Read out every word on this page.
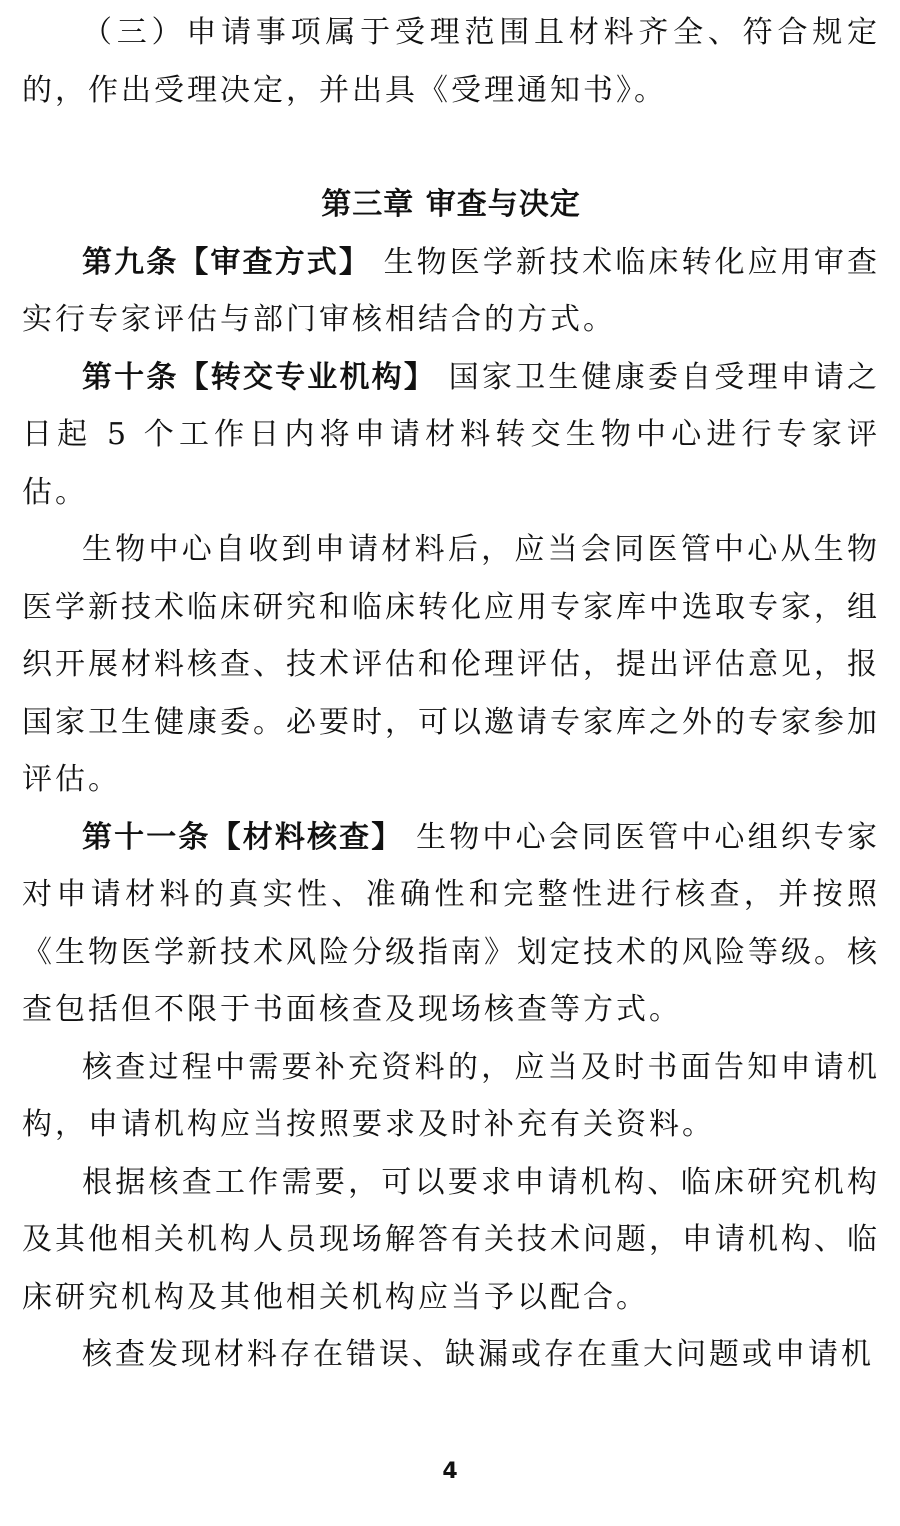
（三）申请事项属于受理范围且材料齐全、符合规定的，作出受理决定，并出具《受理通知书》。

第三章 审查与决定

第九条【审查方式】 生物医学新技术临床转化应用审查实行专家评估与部门审核相结合的方式。

第十条【转交专业机构】 国家卫生健康委自受理申请之日起 5 个工作日内将申请材料转交生物中心进行专家评估。

生物中心自收到申请材料后，应当会同医管中心从生物医学新技术临床研究和临床转化应用专家库中选取专家，组织开展材料核查、技术评估和伦理评估，提出评估意见，报国家卫生健康委。必要时，可以邀请专家库之外的专家参加评估。

第十一条【材料核查】 生物中心会同医管中心组织专家对申请材料的真实性、准确性和完整性进行核查，并按照《生物医学新技术风险分级指南》划定技术的风险等级。核查包括但不限于书面核查及现场核查等方式。

核查过程中需要补充资料的，应当及时书面告知申请机构，申请机构应当按照要求及时补充有关资料。

根据核查工作需要，可以要求申请机构、临床研究机构及其他相关机构人员现场解答有关技术问题，申请机构、临床研究机构及其他相关机构应当予以配合。

核查发现材料存在错误、缺漏或存在重大问题或申请机

4
